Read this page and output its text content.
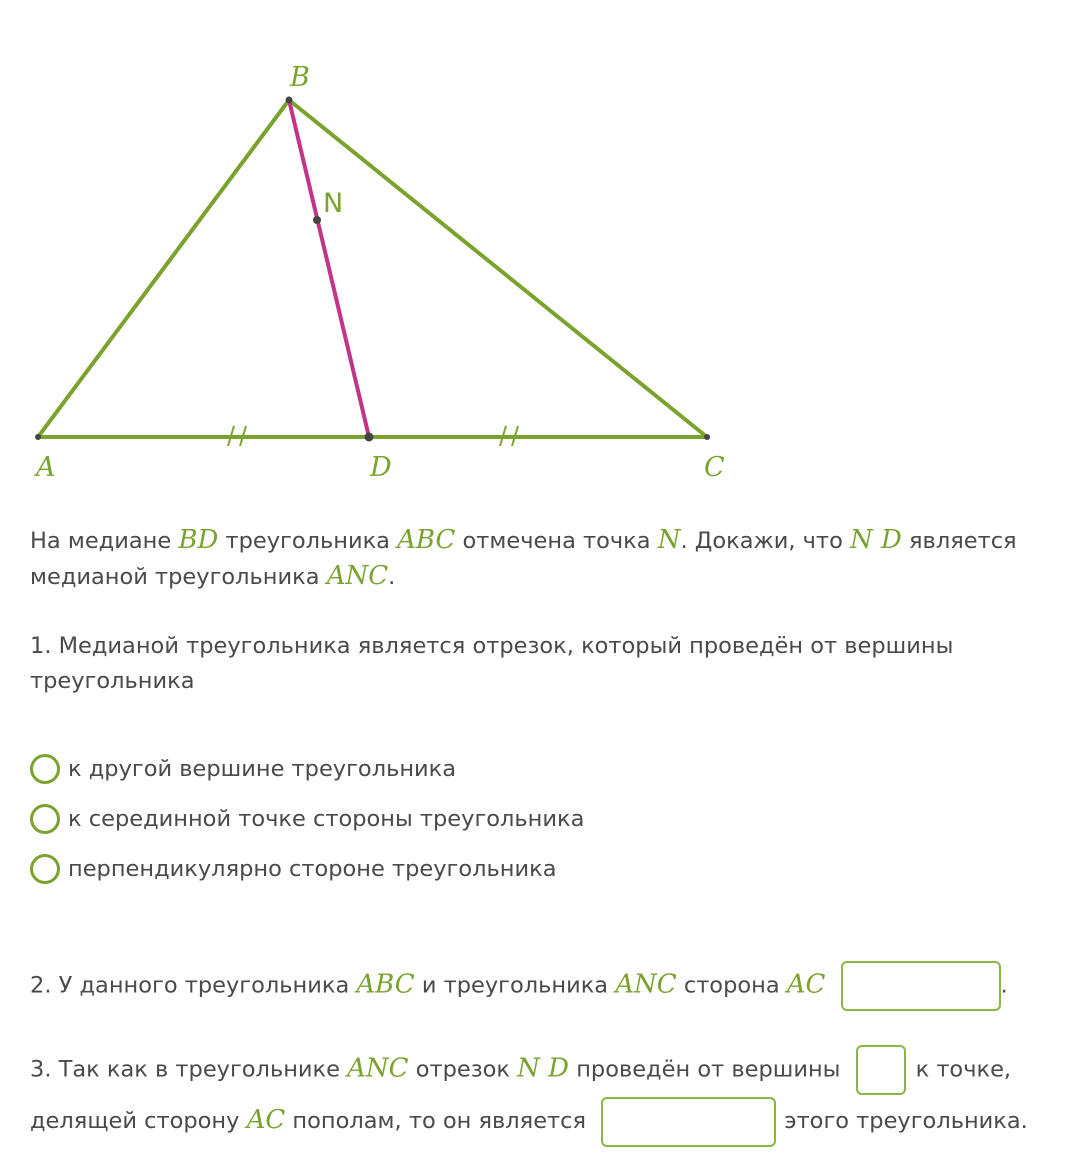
A
B
C
D
N
На медиане BD треугольника ABC отмечена точка N. Докажи, что N D является
медианой треугольника ANC.
1. Медианой треугольника является отрезок, который проведён от вершины
треугольника
к другой вершине треугольника
к серединной точке стороны треугольника
перпендикулярно стороне треугольника
2. У данного треугольника ABC и треугольника ANC сторона AC	.
3. Так как в треугольнике ANC отрезок N D проведён от вершины	к точке,
делящей сторону AC пополам, то он является	этого треугольника.
